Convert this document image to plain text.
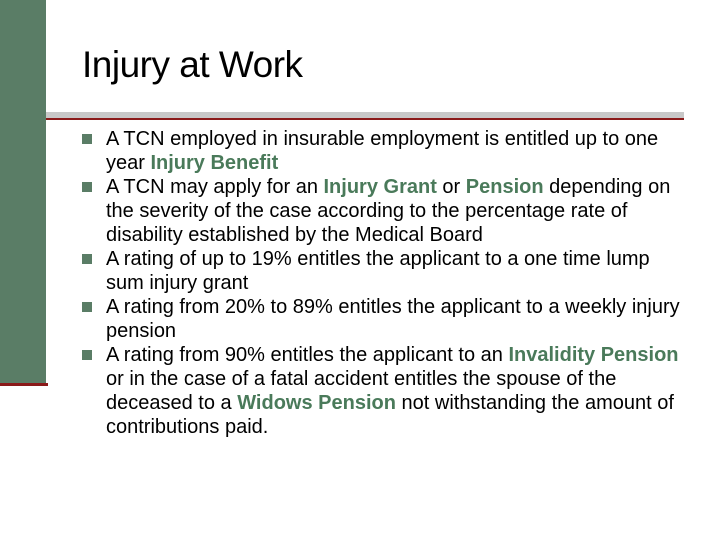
Injury at Work
A TCN employed in insurable employment is entitled up to one year Injury Benefit
A TCN may apply for an Injury Grant or Pension depending on the severity of the case according to the percentage rate of disability established by the Medical Board
A rating of up to 19% entitles the applicant to a one time lump sum injury grant
A rating from 20% to 89% entitles the applicant to a weekly injury pension
A rating from 90% entitles the applicant to an Invalidity Pension or in the case of a fatal accident entitles the spouse of the deceased to a Widows Pension not withstanding the amount of contributions paid.
